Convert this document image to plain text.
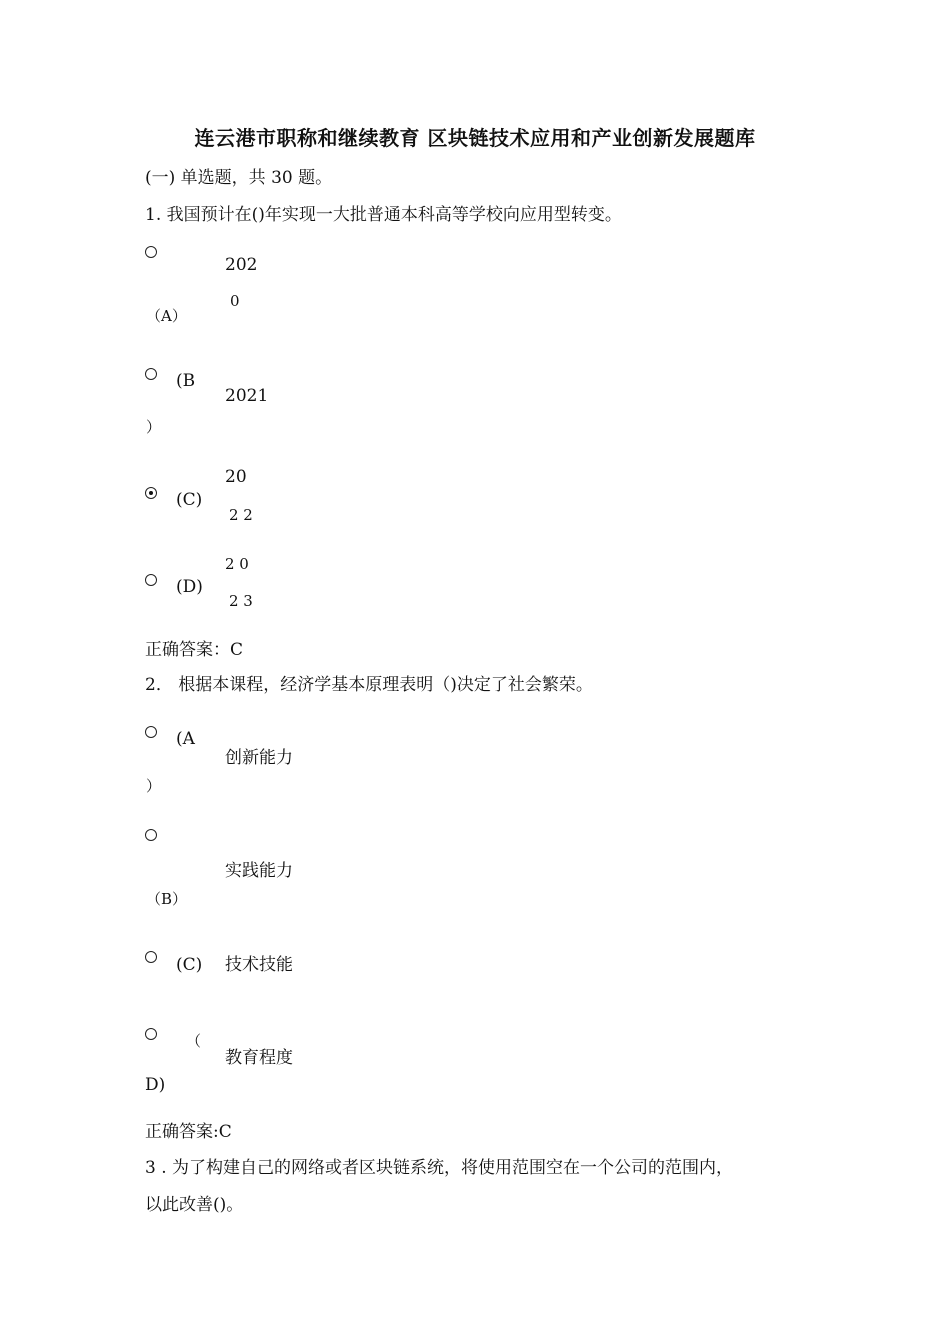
连云港市职称和继续教育 区块链技术应用和产业创新发展题库
(一) 单选题，共 30 题。
1. 我国预计在()年实现一大批普通本科高等学校向应用型转变。
（A）
202
0
(B
）
2021
(C)
20
2 2
(D)
2 0
2 3
正确答案：C
2． 根据本课程，经济学基本原理表明（)决定了社会繁荣。
(A
）
创新能力
（B）
实践能力
(C) 技术技能
（
D)
教育程度
正确答案:C
3 . 为了构建自己的网络或者区块链系统，将使用范围空在一个公司的范围内，
以此改善()。
